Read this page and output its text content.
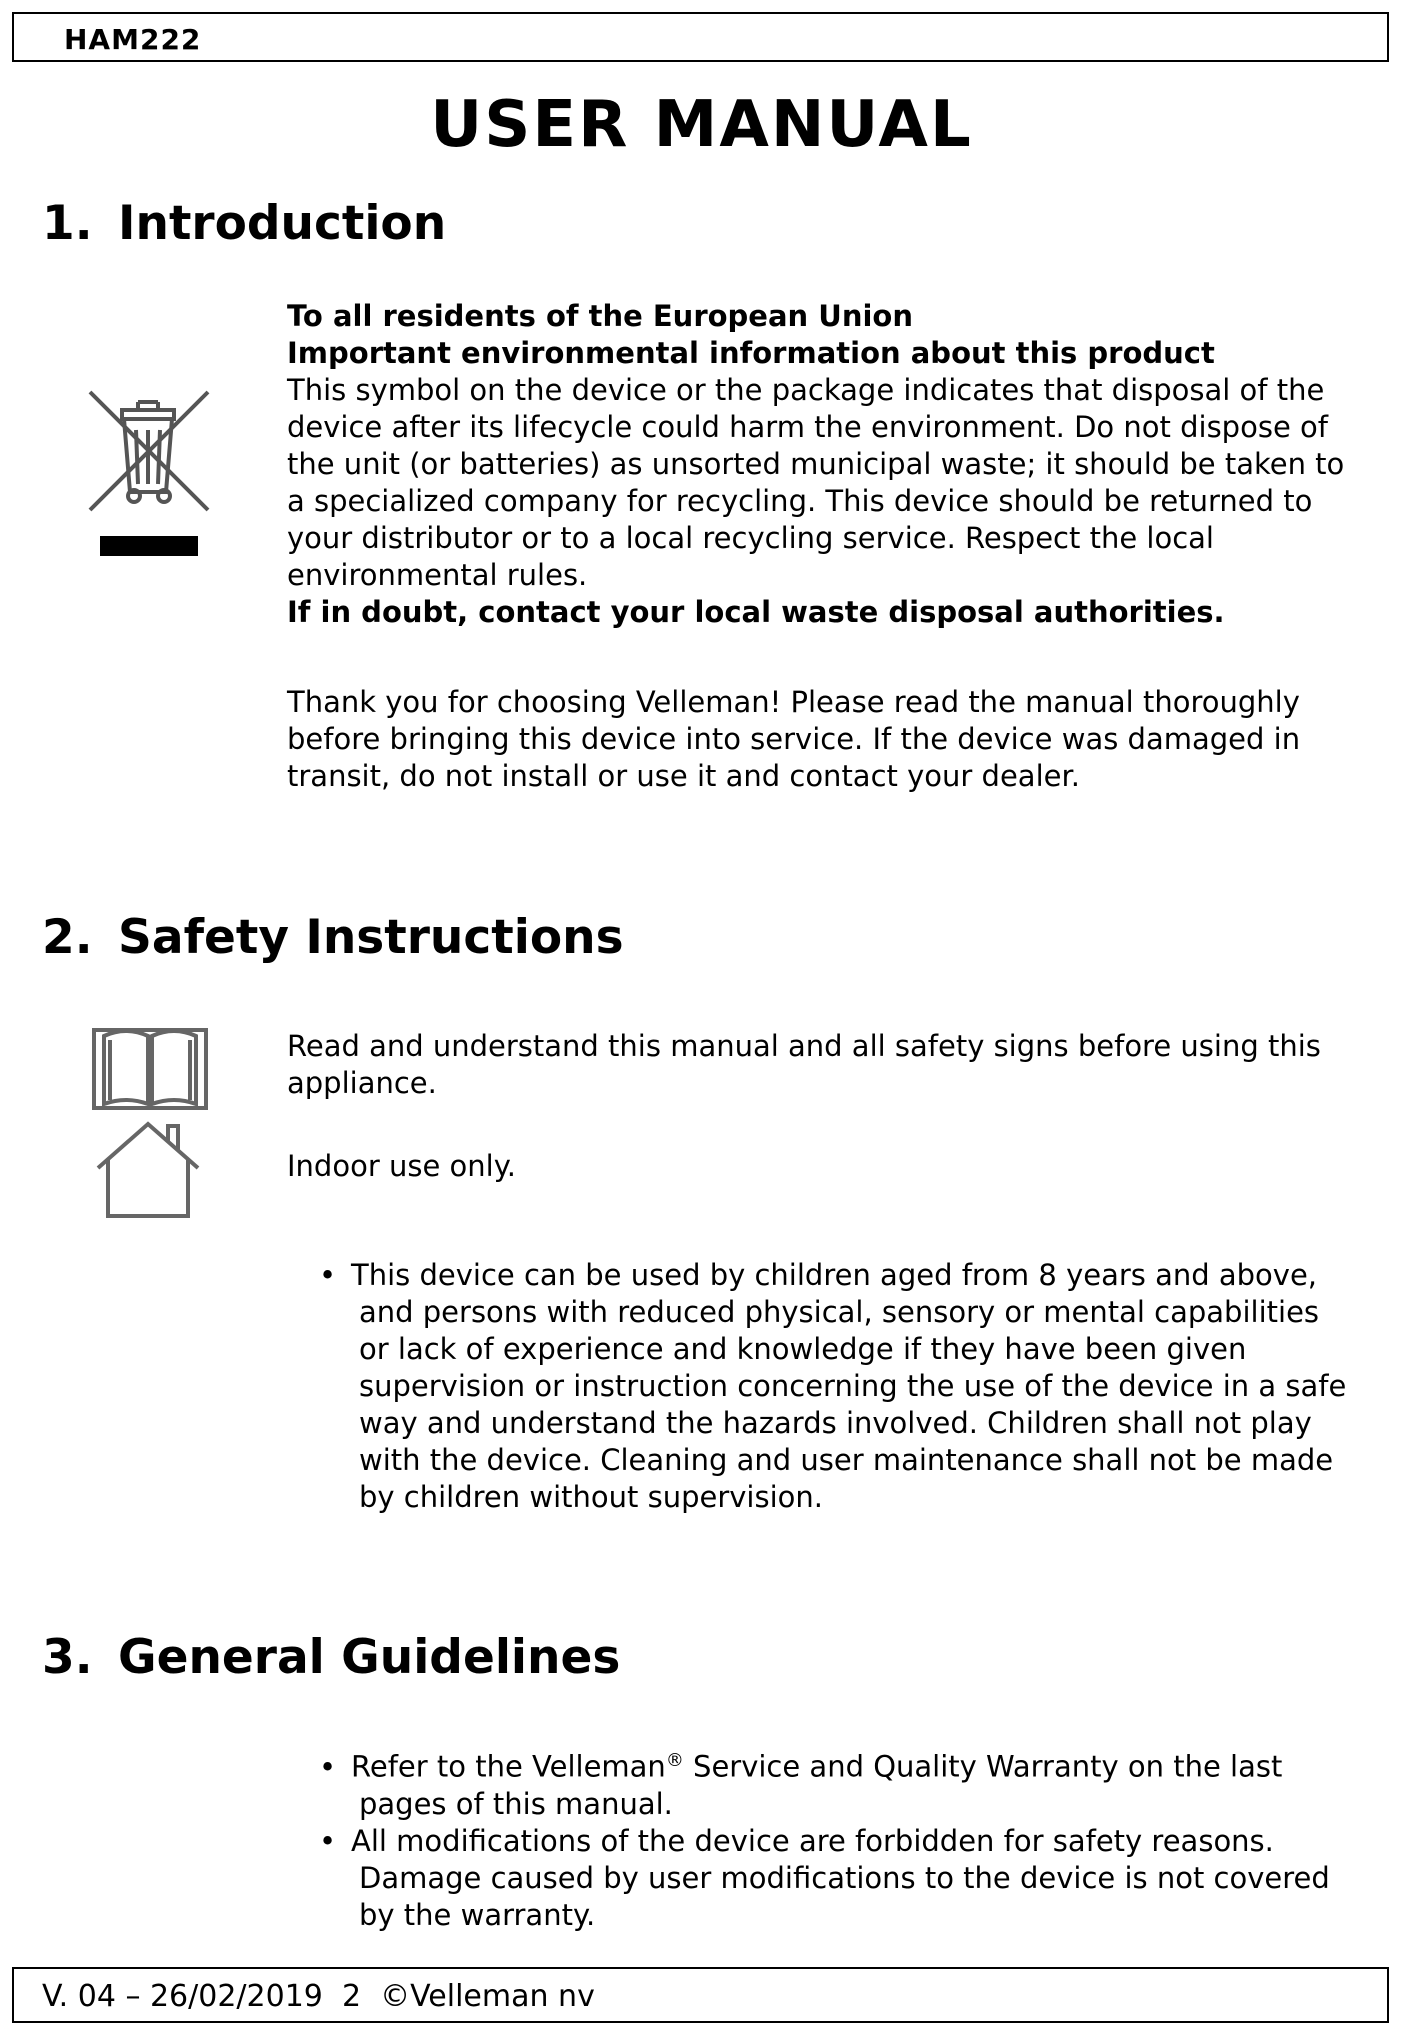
HAM222
USER MANUAL
1. Introduction
To all residents of the European Union
Important environmental information about this product
This symbol on the device or the package indicates that disposal of the device after its lifecycle could harm the environment. Do not dispose of the unit (or batteries) as unsorted municipal waste; it should be taken to a specialized company for recycling. This device should be returned to your distributor or to a local recycling service. Respect the local environmental rules.
If in doubt, contact your local waste disposal authorities.
Thank you for choosing Velleman! Please read the manual thoroughly before bringing this device into service. If the device was damaged in transit, do not install or use it and contact your dealer.
2. Safety Instructions
Read and understand this manual and all safety signs before using this appliance.
Indoor use only.
• This device can be used by children aged from 8 years and above, and persons with reduced physical, sensory or mental capabilities or lack of experience and knowledge if they have been given supervision or instruction concerning the use of the device in a safe way and understand the hazards involved. Children shall not play with the device. Cleaning and user maintenance shall not be made by children without supervision.
3. General Guidelines
• Refer to the Velleman® Service and Quality Warranty on the last pages of this manual.
• All modifications of the device are forbidden for safety reasons. Damage caused by user modifications to the device is not covered by the warranty.
V. 04 – 26/02/2019  2  ©Velleman nv
